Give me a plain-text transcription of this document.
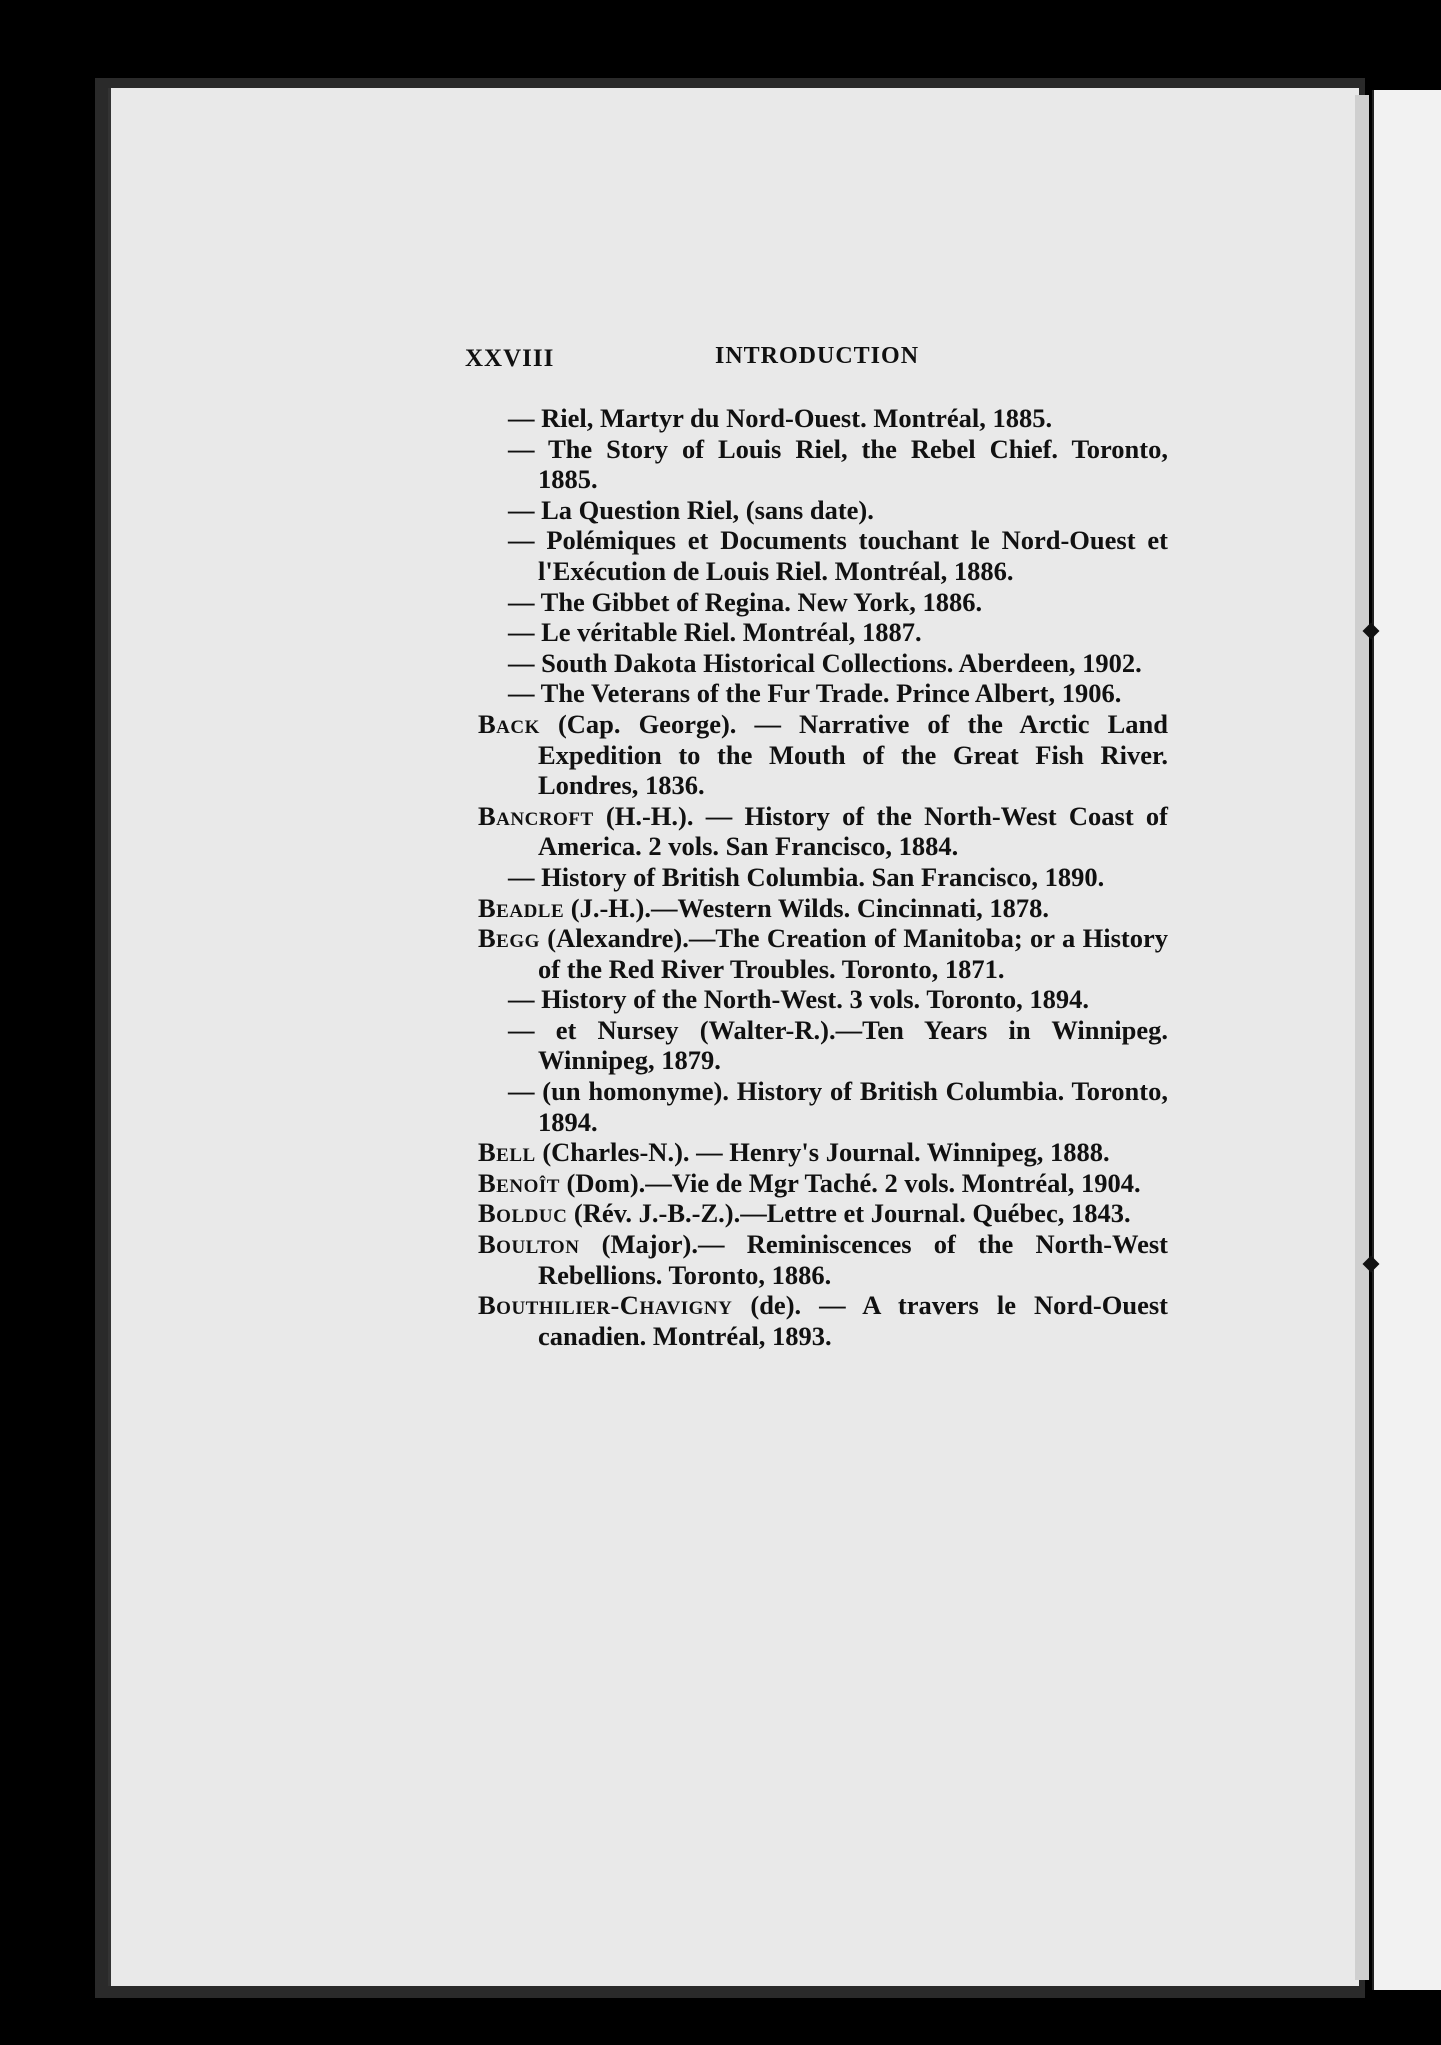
XXVIII	INTRODUCTION

— Riel, Martyr du Nord-Ouest. Montréal, 1885.

— The Story of Louis Riel, the Rebel Chief. Toronto, 1885.

— La Question Riel, (sans date).

— Polémiques et Documents touchant le Nord-Ouest et l'Exécution de Louis Riel. Montréal, 1886.

— The Gibbet of Regina. New York, 1886.

— Le véritable Riel. Montréal, 1887.

— South Dakota Historical Collections. Aberdeen, 1902.

— The Veterans of the Fur Trade. Prince Albert, 1906.

Back (Cap. George). — Narrative of the Arctic Land Expedition to the Mouth of the Great Fish River. Londres, 1836.

Bancroft (H.-H.). — History of the North-West Coast of America. 2 vols. San Francisco, 1884.

— History of British Columbia. San Francisco, 1890.

Beadle (J.-H.).—Western Wilds. Cincinnati, 1878.

Begg (Alexandre).—The Creation of Manitoba; or a History of the Red River Troubles. Toronto, 1871.

— History of the North-West. 3 vols. Toronto, 1894.

— et Nursey (Walter-R.).—Ten Years in Winnipeg. Winnipeg, 1879.

— (un homonyme). History of British Columbia. Toronto, 1894.

Bell (Charles-N.). — Henry's Journal. Winnipeg, 1888.

Benoît (Dom).—Vie de Mgr Taché. 2 vols. Montréal, 1904.

Bolduc (Rév. J.-B.-Z.).—Lettre et Journal. Québec, 1843.

Boulton (Major).— Reminiscences of the North-West Rebellions. Toronto, 1886.

Bouthilier-Chavigny (de). — A travers le Nord-Ouest canadien. Montréal, 1893.
